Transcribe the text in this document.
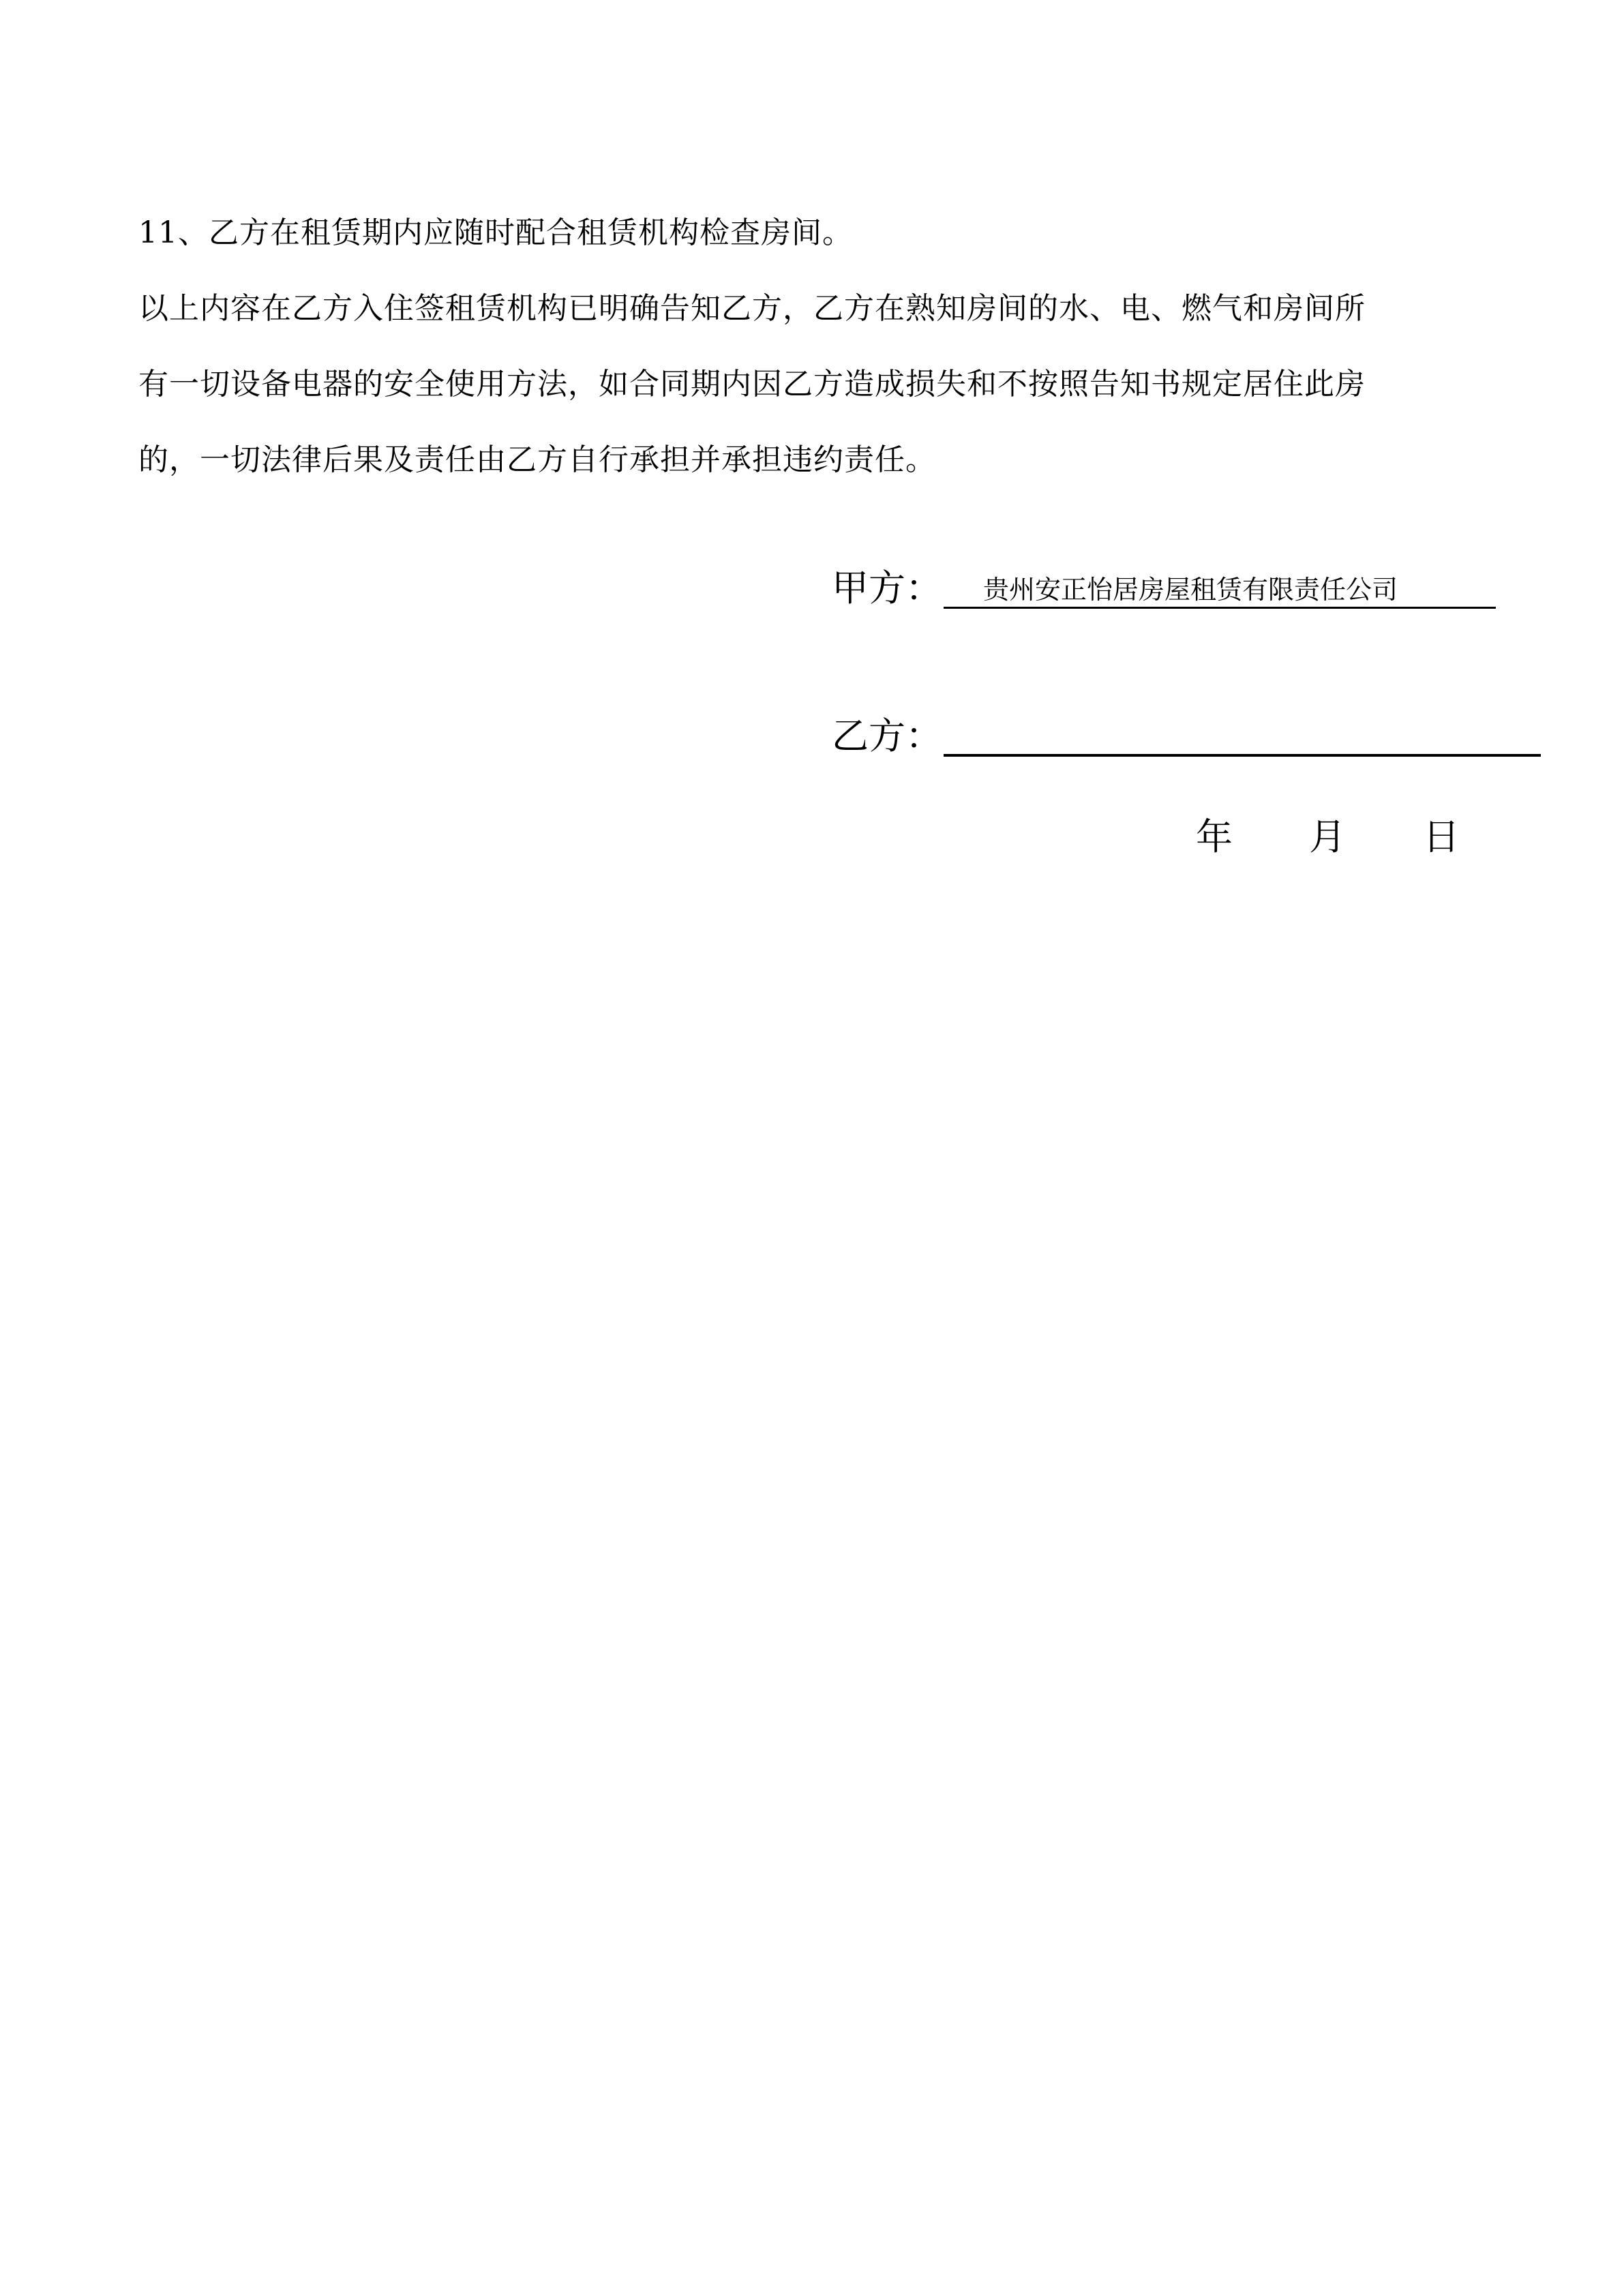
11、乙方在租赁期内应随时配合租赁机构检查房间。
以上内容在乙方入住签租赁机构已明确告知乙方，乙方在熟知房间的水、电、燃气和房间所
有一切设备电器的安全使用方法，如合同期内因乙方造成损失和不按照告知书规定居住此房
的，一切法律后果及责任由乙方自行承担并承担违约责任。
甲方： 贵州安正怡居房屋租赁有限责任公司
乙方：
年 月 日
